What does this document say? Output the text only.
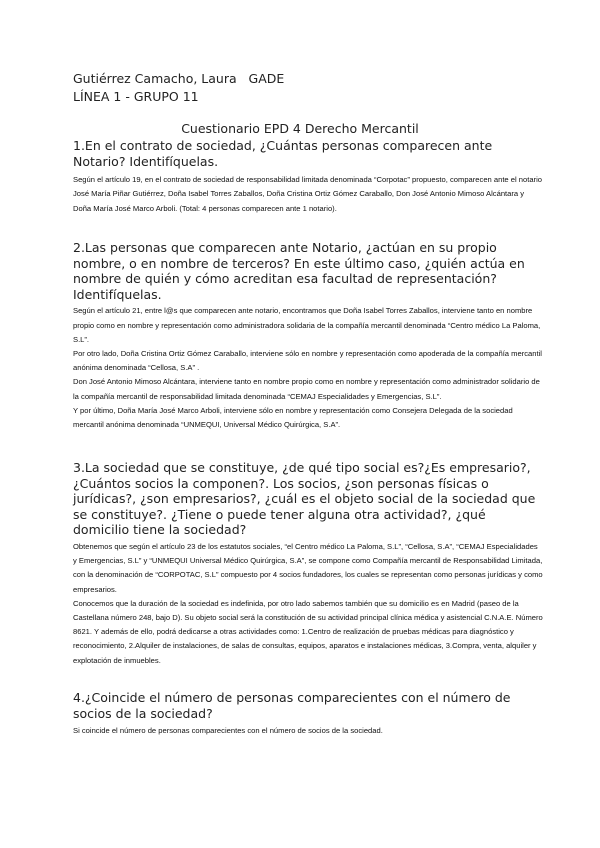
Gutiérrez Camacho, Laura   GADE
LÍNEA 1 - GRUPO 11
Cuestionario EPD 4 Derecho Mercantil

1.En el contrato de sociedad, ¿Cuántas personas comparecen ante Notario? Identifíquelas.

Según el artículo 19, en el contrato de sociedad de responsabilidad limitada denominada “Corpotac” propuesto, comparecen ante el notario José María Piñar Gutiérrez, Doña Isabel Torres Zaballos, Doña Cristina Ortiz Gómez Caraballo, Don José Antonio Mimoso Alcántara y Doña María José Marco Arboli. (Total: 4 personas comparecen ante 1 notario).

2.Las personas que comparecen ante Notario, ¿actúan en su propio nombre, o en nombre de terceros? En este último caso, ¿quién actúa en nombre de quién y cómo acreditan esa facultad de representación? Identifíquelas.

Según el artículo 21, entre l@s que comparecen ante notario, encontramos que Doña Isabel Torres Zaballos, interviene tanto en nombre propio como en nombre y representación como administradora solidaria de la compañía mercantil denominada “Centro médico La Paloma, S.L”.

Por otro lado, Doña Cristina Ortiz Gómez Caraballo, interviene sólo en nombre y representación como apoderada de la compañía mercantil anónima denominada “Cellosa, S.A” .

Don José Antonio Mimoso Alcántara, interviene tanto en nombre propio como en nombre y representación como administrador solidario de la compañía mercantil de responsabilidad limitada denominada “CEMAJ Especialidades y Emergencias, S.L”.

Y por último, Doña María José Marco Arboli, interviene sólo en nombre y representación como Consejera Delegada de la sociedad mercantil anónima denominada “UNMEQUI, Universal Médico Quirúrgica, S.A”.

3.La sociedad que se constituye, ¿de qué tipo social es?¿Es empresario?, ¿Cuántos socios la componen?. Los socios, ¿son personas físicas o jurídicas?, ¿son empresarios?, ¿cuál es el objeto social de la sociedad que se constituye?. ¿Tiene o puede tener alguna otra actividad?, ¿qué domicilio tiene la sociedad?

Obtenemos que según el artículo 23 de los estatutos sociales, “el Centro médico La Paloma, S.L”, “Cellosa, S.A”, “CEMAJ Especialidades y Emergencias, S.L” y “UNMEQUI Universal Médico Quirúrgica, S.A”, se compone como Compañía mercantil de Responsabilidad Limitada, con la denominación de “CORPOTAC, S.L” compuesto por 4 socios fundadores, los cuales se representan como personas jurídicas y como empresarios.

Conocemos que la duración de la sociedad es indefinida, por otro lado sabemos también que su domicilio es en Madrid (paseo de la Castellana número 248, bajo D). Su objeto social será la constitución de su actividad principal clínica médica y asistencial C.N.A.E. Número 8621. Y además de ello, podrá dedicarse a otras actividades como: 1.Centro de realización de pruebas médicas para diagnóstico y reconocimiento, 2.Alquiler de instalaciones, de salas de consultas, equipos, aparatos e instalaciones médicas, 3.Compra, venta, alquiler y explotación de inmuebles.

4.¿Coincide el número de personas comparecientes con el número de socios de la sociedad?

Si coincide el número de personas comparecientes con el número de socios de la sociedad.
